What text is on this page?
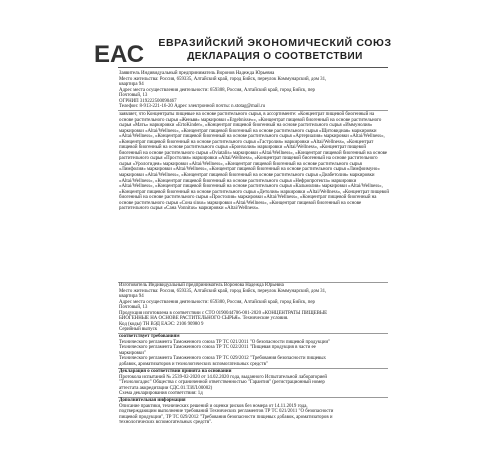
ЕАС	ЕВРАЗИЙСКИЙ ЭКОНОМИЧЕСКИЙ СОЮЗ
ДЕКЛАРАЦИЯ О СООТВЕТСТВИИ
Заявитель Индивидуальный предприниматель Воронов Надежда Юрьевна
Место жительства: Россия, 659335, Алтайский край, город Бийск, переулок Коммунарский, дом 31,
квартира 94
Адрес места осуществления деятельности: 659308, Россия, Алтайский край, город Бийск, пер
Почтовый, 13
ОГРНИП 319222500090467
Телефон: 8-913-221-16-20 Адрес электронной почты: n.stotag@mail.ru
заявляет, что Концентраты пищевые на основе растительного сырья, в ассортименте: «Концентрат пищевой биогенный на основе растительного сырья «Женьвя» маркировки «Ergebnisse»», «Концентрат пищевой биогенный на основе растительного сырья «Мать» маркировки «ErtoKinder», «Концентрат пищевой биогенный на основе растительного сырья «Иммунолия» маркировки «Altai/Wellness», «Концентрат пищевой биогенный на основе растительного сырья «Щитовидная» маркировки «Altai/Wellness», «Концентрат пищевой биогенный на основе растительного сырья «Артериалия» маркировки «Altai/Wellness», «Концентрат пищевой биогенный на основе растительного сырья «Гастролия» маркировки «Altai/Wellness», «Концентрат пищевой биогенный на основе растительного сырья «Бронхолия» маркировки «Altai/Wellness», «Концентрат пищевой биогенный на основе растительного сырья «Oviatalis» маркировки «Altai/Wellness», «Концентрат пищевой биогенный на основе растительного сырья «Простолия» маркировки «Altai/Wellness», «Концентрат пищевой биогенный на основе растительного сырья «Урологидея» маркировки «Altai/Wellness», «Концентрат пищевой биогенный на основе растительного сырья «Лимфолия» маркировки «Altai/Wellness», «Концентрат пищевой биогенный на основе растительного сырья «Лимфоимуно» маркировки «Altai/Wellness», «Концентрат пищевой биогенный на основе растительного сырья «Диабетолия» маркировки «Altai/Wellness», «Концентрат пищевой биогенный на основе растительного сырья «Нефропротекта» маркировки «Altai/Wellness», «Концентрат пищевой биогенный на основе растительного сырья «Кальмолия» маркировки «Altai/Wellness», «Концентрат пищевой биогенный на основе растительного сырья «Детолия» маркировки «Altai/Wellness», «Концентрат пищевой биогенный на основе растительного сырья «Простолия» маркировки «Altai/Wellness», «Концентрат пищевой биогенный на основе растительного сырья «Сона sinus» маркировки «Altai/Wellness», «Концентрат пищевой биогенный на основе растительного сырья «Сана Vonnitus» маркировки «Altai/Wellness».
Изготовитель Индивидуальный предприниматель Воронова Надежда Юрьевна
Место жительства: Россия, 659335, Алтайский край, город Бийск, переулок Коммунарский, дом 31,
квартира 94
Адрес места осуществления деятельности: 659300, Россия, Алтайский край, город Бийск, пер
Почтовый, 13
Продукция изготовлена в соответствии с СТО 0190044706-001-2020 «КОНЦЕНТРАТЫ ПИЩЕВЫЕ
БИОГЕННЫЕ НА ОСНОВЕ РАСТИТЕЛЬНОГО СЫРЬЯ». Технические условия.
Код (коды) ТН ВЭД ЕАЭС: 2106 90980 9
Серийный выпуск
соответствует требованиям
Технического регламента Таможенного союза ТР ТС 021/2011 "О безопасности пищевой продукции"
Технического регламента Таможенного союза ТР ТС 022/2011 "Пищевая продукция в части ее
маркировки"
Технического регламента Таможенного союза ТР ТС 029/2012 "Требования безопасности пищевых
добавок, ароматизаторов и технологических вспомогательных средств"
Декларация о соответствии принята на основании
Протокола испытаний № 2539-02-2020 от 14.02.2020 года, выданного Испытательной лабораторией
"Технологадис" Общества с ограниченной ответственностью "Гарантия" (регистрационный номер
аттестата аккредитации СДС.01.Т.ИЛ.00002)
Схема декларирования соответствия: 1д
Дополнительная информация
Описание практики, технических решений и оценки рисков без номера от 14.11.2019 года,
подтверждающим выполнение требований Технических регламентов ТР ТС 021/2011 "О безопасности
пищевой продукции", ТР ТС 029/2012 "Требования безопасности пищевых добавок, ароматизаторов и
технологических вспомогательных средств".
